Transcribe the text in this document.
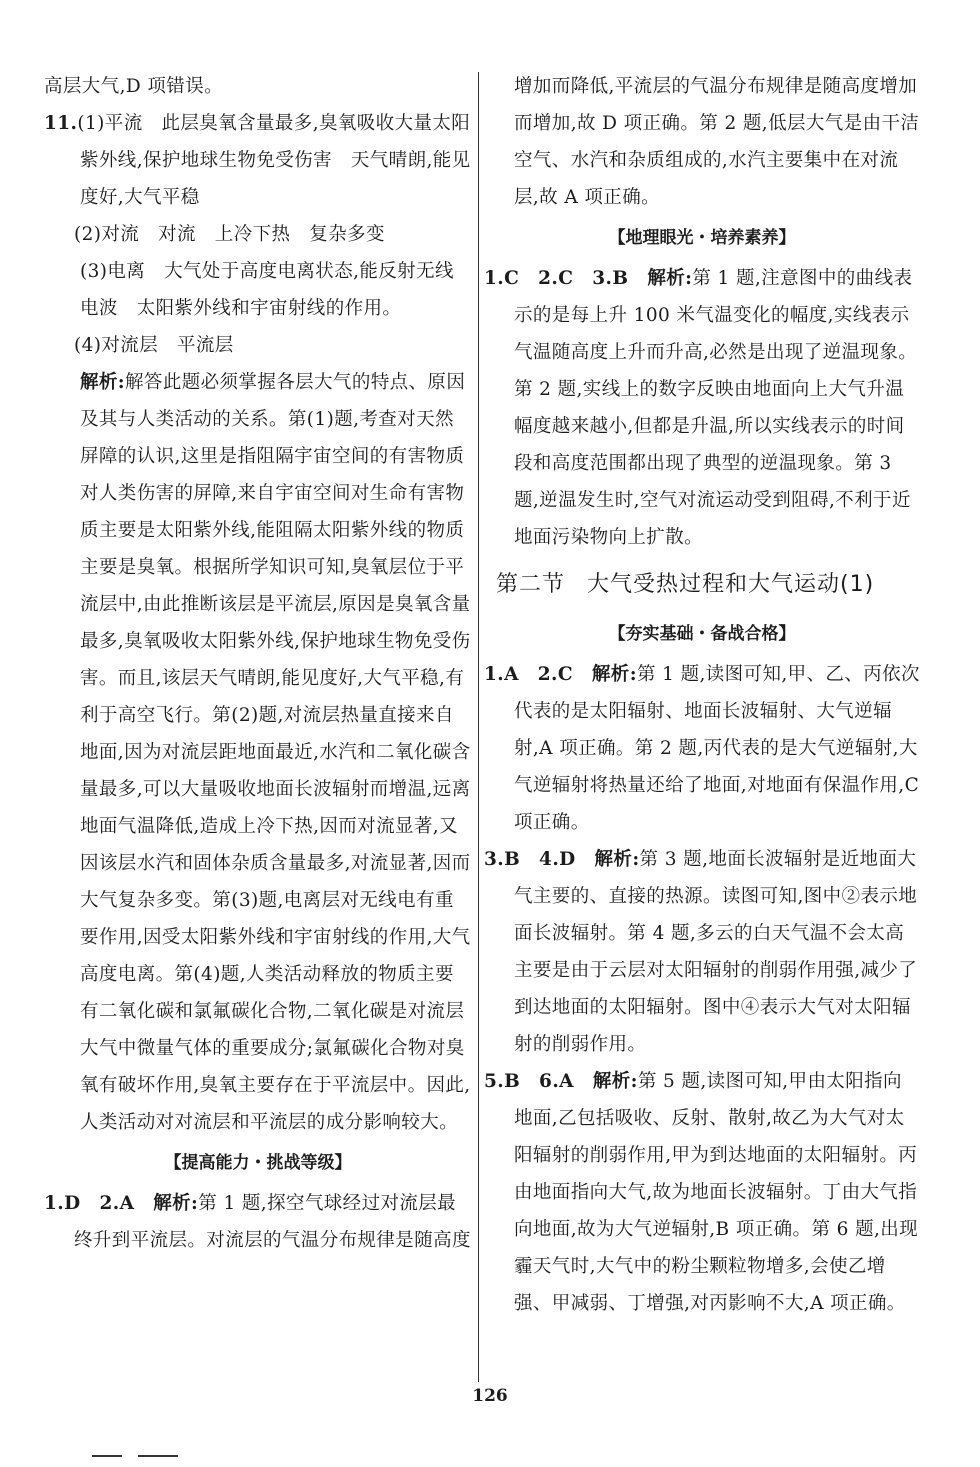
高层大气,D 项错误。

11.(1)平流　此层臭氧含量最多,臭氧吸收大量太阳紫外线,保护地球生物免受伤害　天气晴朗,能见度好,大气平稳

(2)对流　对流　上冷下热　复杂多变

(3)电离　大气处于高度电离状态,能反射无线电波　太阳紫外线和宇宙射线的作用。

(4)对流层　平流层

解析:解答此题必须掌握各层大气的特点、原因及其与人类活动的关系。第(1)题,考查对天然屏障的认识,这里是指阻隔宇宙空间的有害物质对人类伤害的屏障,来自宇宙空间对生命有害物质主要是太阳紫外线,能阻隔太阳紫外线的物质主要是臭氧。根据所学知识可知,臭氧层位于平流层中,由此推断该层是平流层,原因是臭氧含量最多,臭氧吸收太阳紫外线,保护地球生物免受伤害。而且,该层天气晴朗,能见度好,大气平稳,有利于高空飞行。第(2)题,对流层热量直接来自地面,因为对流层距地面最近,水汽和二氧化碳含量最多,可以大量吸收地面长波辐射而增温,远离地面气温降低,造成上冷下热,因而对流显著,又因该层水汽和固体杂质含量最多,对流显著,因而大气复杂多变。第(3)题,电离层对无线电有重要作用,因受太阳紫外线和宇宙射线的作用,大气高度电离。第(4)题,人类活动释放的物质主要有二氧化碳和氯氟碳化合物,二氧化碳是对流层大气中微量气体的重要成分;氯氟碳化合物对臭氧有破坏作用,臭氧主要存在于平流层中。因此,人类活动对对流层和平流层的成分影响较大。

【提高能力・挑战等级】

1.D　2.A　解析:第 1 题,探空气球经过对流层最终升到平流层。对流层的气温分布规律是随高度

增加而降低,平流层的气温分布规律是随高度增加而增加,故 D 项正确。第 2 题,低层大气是由干洁空气、水汽和杂质组成的,水汽主要集中在对流层,故 A 项正确。

【地理眼光・培养素养】

1.C　2.C　3.B　解析:第 1 题,注意图中的曲线表示的是每上升 100 米气温变化的幅度,实线表示气温随高度上升而升高,必然是出现了逆温现象。第 2 题,实线上的数字反映由地面向上大气升温幅度越来越小,但都是升温,所以实线表示的时间段和高度范围都出现了典型的逆温现象。第 3 题,逆温发生时,空气对流运动受到阻碍,不利于近地面污染物向上扩散。

第二节 大气受热过程和大气运动(1)
【夯实基础・备战合格】

1.A　2.C　解析:第 1 题,读图可知,甲、乙、丙依次代表的是太阳辐射、地面长波辐射、大气逆辐射,A 项正确。第 2 题,丙代表的是大气逆辐射,大气逆辐射将热量还给了地面,对地面有保温作用,C 项正确。

3.B　4.D　解析:第 3 题,地面长波辐射是近地面大气主要的、直接的热源。读图可知,图中②表示地面长波辐射。第 4 题,多云的白天气温不会太高主要是由于云层对太阳辐射的削弱作用强,减少了到达地面的太阳辐射。图中④表示大气对太阳辐射的削弱作用。

5.B　6.A　解析:第 5 题,读图可知,甲由太阳指向地面,乙包括吸收、反射、散射,故乙为大气对太阳辐射的削弱作用,甲为到达地面的太阳辐射。丙由地面指向大气,故为地面长波辐射。丁由大气指向地面,故为大气逆辐射,B 项正确。第 6 题,出现霾天气时,大气中的粉尘颗粒物增多,会使乙增强、甲减弱、丁增强,对丙影响不大,A 项正确。

126
